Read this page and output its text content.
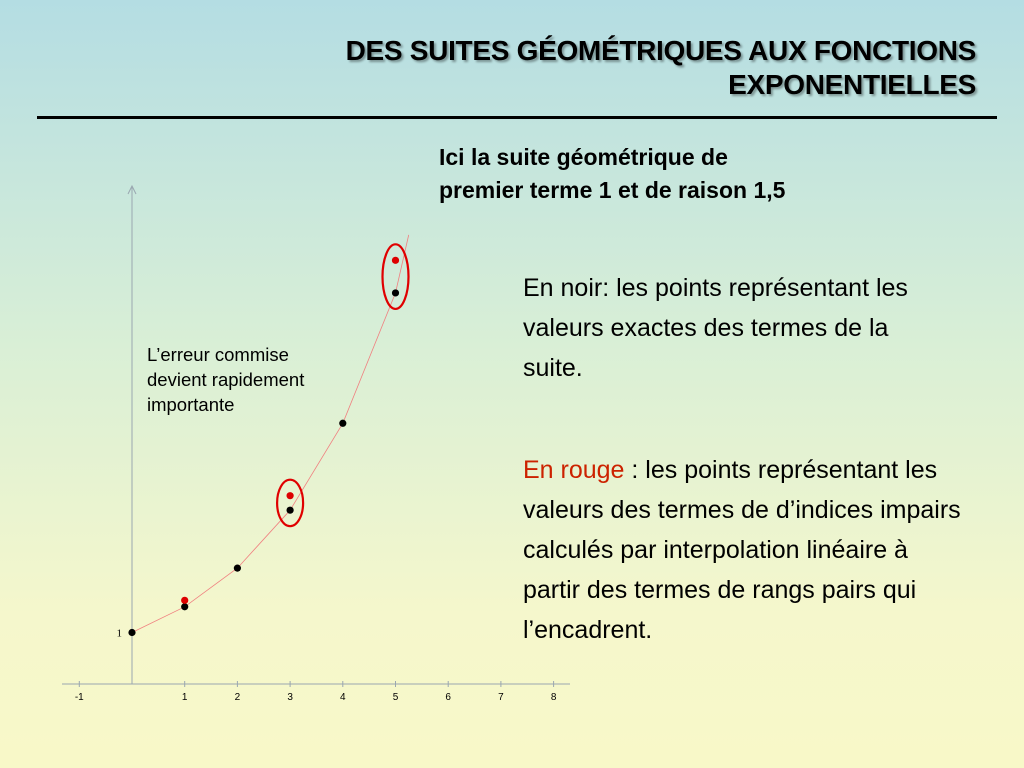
DES SUITES GÉOMÉTRIQUES AUX FONCTIONS
EXPONENTIELLES
Ici la suite géométrique de
premier terme 1 et de raison 1,5
En noir: les points représentant les valeurs exactes des termes de la suite.
En rouge : les points représentant les valeurs des termes de d’indices impairs calculés par interpolation linéaire à partir des termes de rangs pairs qui l’encadrent.
L’erreur commise
devient rapidement
importante
-1	1	2	3	4	5	6	7	8
1
